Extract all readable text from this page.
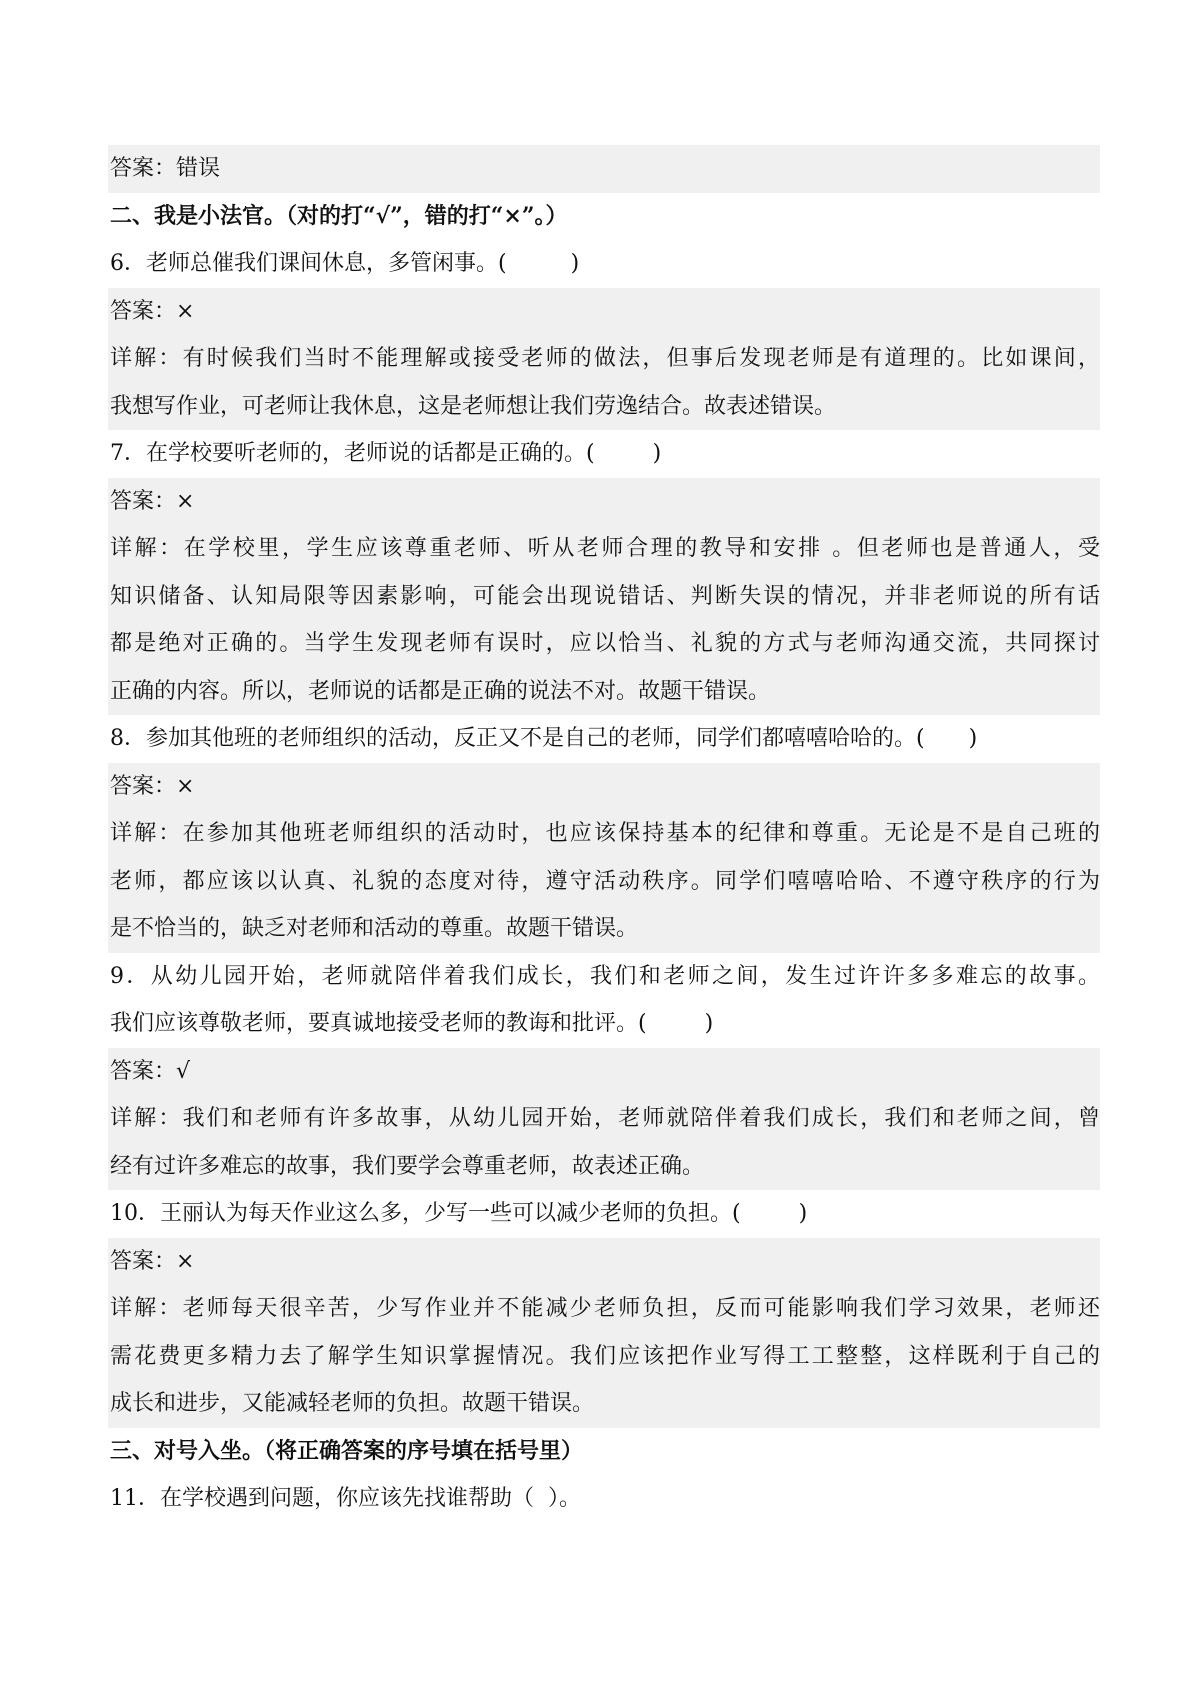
答案：错误
二、我是小法官。（对的打“√”，错的打“×”。）
6．老师总催我们课间休息，多管闲事。(	)
答案：×
详解：有时候我们当时不能理解或接受老师的做法，但事后发现老师是有道理的。比如课间，
我想写作业，可老师让我休息，这是老师想让我们劳逸结合。故表述错误。
7．在学校要听老师的，老师说的话都是正确的。(	)
答案：×
详解：在学校里，学生应该尊重老师、听从老师合理的教导和安排 。但老师也是普通人，受
知识储备、认知局限等因素影响，可能会出现说错话、判断失误的情况，并非老师说的所有话
都是绝对正确的。当学生发现老师有误时，应以恰当、礼貌的方式与老师沟通交流，共同探讨
正确的内容。所以，老师说的话都是正确的说法不对。故题干错误。
8．参加其他班的老师组织的活动，反正又不是自己的老师，同学们都嘻嘻哈哈的。( )
答案：×
详解：在参加其他班老师组织的活动时，也应该保持基本的纪律和尊重。无论是不是自己班的
老师，都应该以认真、礼貌的态度对待，遵守活动秩序。同学们嘻嘻哈哈、不遵守秩序的行为
是不恰当的，缺乏对老师和活动的尊重。故题干错误。
9．从幼儿园开始，老师就陪伴着我们成长，我们和老师之间，发生过许许多多难忘的故事。
我们应该尊敬老师，要真诚地接受老师的教诲和批评。(	)
答案：√
详解：我们和老师有许多故事，从幼儿园开始，老师就陪伴着我们成长，我们和老师之间，曾
经有过许多难忘的故事，我们要学会尊重老师，故表述正确。
10．王丽认为每天作业这么多，少写一些可以减少老师的负担。(	)
答案：×
详解：老师每天很辛苦，少写作业并不能减少老师负担，反而可能影响我们学习效果，老师还
需花费更多精力去了解学生知识掌握情况。我们应该把作业写得工工整整，这样既利于自己的
成长和进步，又能减轻老师的负担。故题干错误。
三、对号入坐。（将正确答案的序号填在括号里）
11．在学校遇到问题，你应该先找谁帮助（ ）。
